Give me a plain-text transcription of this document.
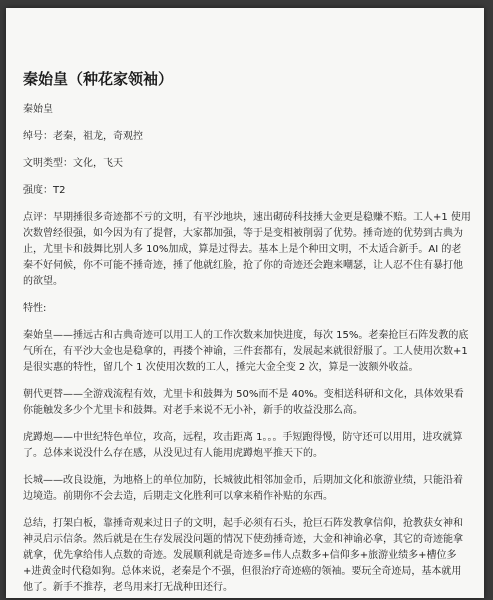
秦始皇（种花家领袖）

秦始皇

绰号：老秦，祖龙，奇观控

文明类型：文化，飞天

强度：T2

点评：早期捶很多奇迹都不亏的文明，有平沙地块，速出砌砖科技捶大金更是稳赚不赔。工人+1 使用次数曾经很强，如今因为有了提督，大家都加强，等于是变相被削弱了优势。捶奇迹的优势到古典为止，尤里卡和鼓舞比别人多 10%加成，算是过得去。基本上是个种田文明，不太适合新手。AI 的老秦不好伺候，你不可能不捶奇迹，捶了他就红脸，抢了你的奇迹还会跑来嘲瑟，让人忍不住有暴打他的欲望。

特性:

秦始皇——捶远古和古典奇迹可以用工人的工作次数来加快进度，每次 15%。老秦抢巨石阵发教的底气所在，有平沙大金也是稳拿的，再搂个神谕，三件套都有，发展起来就很舒服了。工人使用次数+1 是很实惠的特性，留几个 1 次使用次数的工人，捶完大金全变 2 次，算是一波额外收益。

朝代更替——全游戏流程有效，尤里卡和鼓舞为 50%而不是 40%。变相送科研和文化，具体效果看你能触发多少个尤里卡和鼓舞。对老手来说不无小补，新手的收益没那么高。

虎蹲炮——中世纪特色单位，攻高，远程，攻击距离 1。。。手短跑得慢，防守还可以用用，进攻就算了。总体来说没什么存在感，从没见过有人能用虎蹲炮平推天下的。

长城——改良设施，为地格上的单位加防，长城彼此相邻加金币，后期加文化和旅游业绩，只能沿着边境造。前期你不会去造，后期走文化胜利可以拿来稍作补贴的东西。

总结，打架白板，靠捶奇观来过日子的文明，起手必须有石头，抢巨石阵发教拿信仰，抢教获女神和神灵启示信条。然后就是在生存发展没问题的情况下使劲捶奇迹，大金和神谕必拿，其它的奇迹能拿就拿，优先拿给伟人点数的奇迹。发展顺利就是奇迹多=伟人点数多+信仰多+旅游业绩多+槽位多+进黄金时代稳如狗。总体来说，老秦是个不强，但很治疗奇迹癌的领袖。要玩全奇迹局，基本就用他了。新手不推荐，老鸟用来打无战种田还行。
